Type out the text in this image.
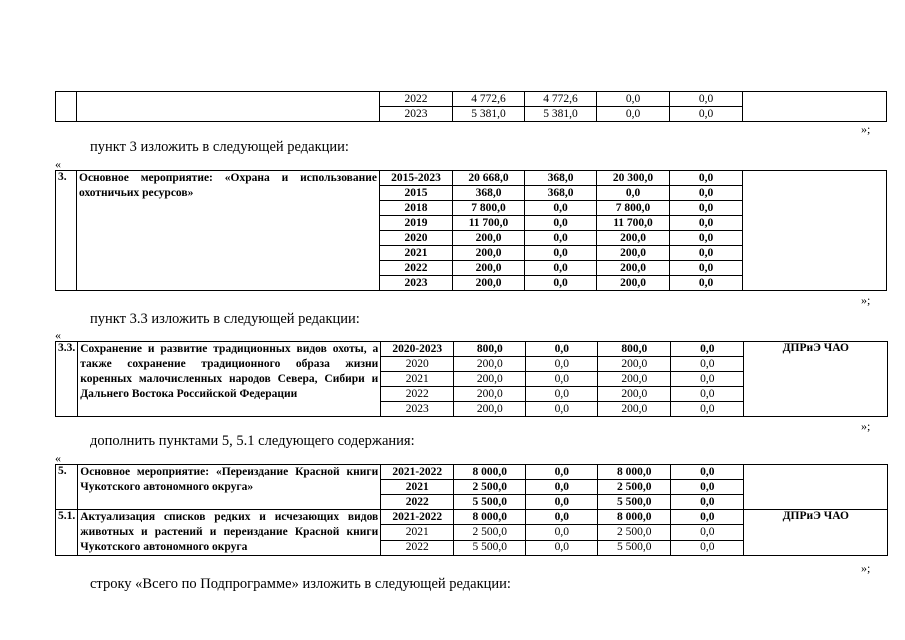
		2022	4 772,6	4 772,6	0,0	0,0	
		2023	5 381,0	5 381,0	0,0	0,0	
»;
пункт 3 изложить в следующей редакции:
«
3.	Основное мероприятие: «Охрана и использование охотничьих ресурсов»	2015-2023	20 668,0	368,0	20 300,0	0,0	
		2015	368,0	368,0	0,0	0,0	
		2018	7 800,0	0,0	7 800,0	0,0	
		2019	11 700,0	0,0	11 700,0	0,0	
		2020	200,0	0,0	200,0	0,0	
		2021	200,0	0,0	200,0	0,0	
		2022	200,0	0,0	200,0	0,0	
		2023	200,0	0,0	200,0	0,0	
»;
пункт 3.3 изложить в следующей редакции:
«
3.3.	Сохранение и развитие традиционных видов охоты, а также сохранение традиционного образа жизни коренных малочисленных народов Севера, Сибири и Дальнего Востока Российской Федерации	2020-2023	800,0	0,0	800,0	0,0	ДПРиЭ ЧАО
		2020	200,0	0,0	200,0	0,0	
		2021	200,0	0,0	200,0	0,0	
		2022	200,0	0,0	200,0	0,0	
		2023	200,0	0,0	200,0	0,0	
»;
дополнить пунктами 5, 5.1 следующего содержания:
«
5.	Основное мероприятие: «Переиздание Красной книги Чукотского автономного округа»	2021-2022	8 000,0	0,0	8 000,0	0,0	
		2021	2 500,0	0,0	2 500,0	0,0	
		2022	5 500,0	0,0	5 500,0	0,0	
5.1.	Актуализация списков редких и исчезающих видов животных и растений и переиздание Красной книги Чукотского автономного округа	2021-2022	8 000,0	0,0	8 000,0	0,0	ДПРиЭ ЧАО
		2021	2 500,0	0,0	2 500,0	0,0	
		2022	5 500,0	0,0	5 500,0	0,0	
»;
строку «Всего по Подпрограмме» изложить в следующей редакции:
